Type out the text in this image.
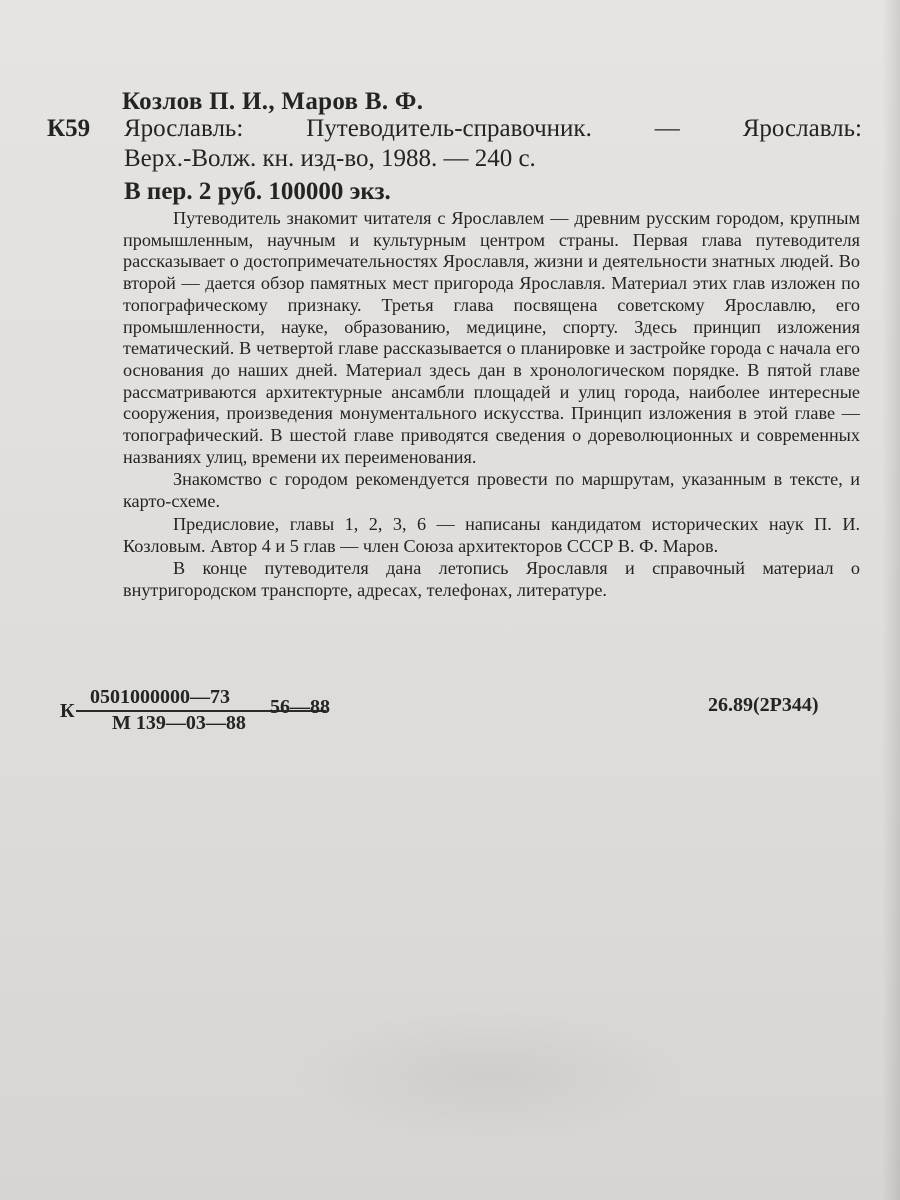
Козлов П. И., Маров В. Ф.
К59 Ярославль: Путеводитель-справочник. — Ярославль:
Верх.-Волж. кн. изд-во, 1988. — 240 с.
В пер. 2 руб. 100000 экз.

Путеводитель знакомит читателя с Ярославлем — древним русским городом, крупным промышленным, научным и культурным центром страны. Первая глава путеводителя рассказывает о достопримечательностях Ярославля, жизни и деятельности знатных людей. Во второй — дается обзор памятных мест пригорода Ярославля. Материал этих глав изложен по топографическому признаку. Третья глава посвящена советскому Ярославлю, его промышленности, науке, образованию, медицине, спорту. Здесь принцип изложения тематический. В четвертой главе рассказывается о планировке и застройке города с начала его основания до наших дней. Материал здесь дан в хронологическом порядке. В пятой главе рассматриваются архитектурные ансамбли площадей и улиц города, наиболее интересные сооружения, произведения монументального искусства. Принцип изложения в этой главе — топографический. В шестой главе приводятся сведения о дореволюционных и современных названиях улиц, времени их переименования.

Знакомство с городом рекомендуется провести по маршрутам, указанным в тексте, и карто-схеме.

Предисловие, главы 1, 2, 3, 6 — написаны кандидатом исторических наук П. И. Козловым. Автор 4 и 5 глав — член Союза архитекторов СССР В. Ф. Маров.

В конце путеводителя дана летопись Ярославля и справочный материал о внутригородском транспорте, адресах, телефонах, литературе.

К
0501000000—73
М 139—03—88
56—88	26.89(2Р344)
